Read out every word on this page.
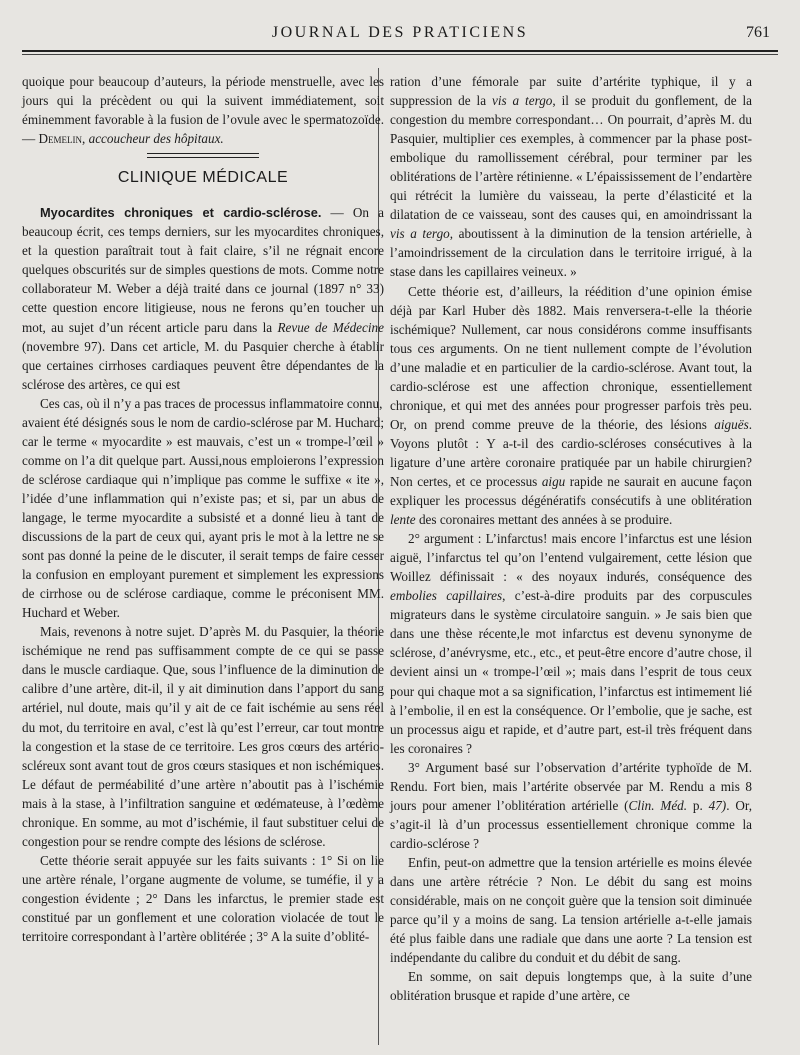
JOURNAL DES PRATICIENS	761

quoique pour beaucoup d’auteurs, la période menstruelle, avec les jours qui la précèdent ou qui la suivent immédiatement, soit éminemment favorable à la fusion de l’ovule avec le spermatozoïde. — Demelin, accoucheur des hôpitaux.

CLINIQUE MÉDICALE

Myocardites chroniques et cardio-sclérose. — On a beaucoup écrit, ces temps derniers, sur les myocardites chroniques, et la question paraîtrait tout à fait claire, s’il ne régnait encore quelques obscurités sur de simples questions de mots. Comme notre collaborateur M. Weber a déjà traité dans ce journal (1897 n° 33) cette question encore litigieuse, nous ne ferons qu’en toucher un mot, au sujet d’un récent article paru dans la Revue de Médecine (novembre 97). Dans cet article, M. du Pasquier cherche à établir que certaines cirrhoses cardiaques peuvent être dépendantes de la sclérose des artères, ce qui est

Ces cas, où il n’y a pas traces de processus inflammatoire connu,

avaient été désignés sous le nom de cardio-sclérose par M. Huchard; car le terme « myocardite » est mauvais, c’est un « trompe-l’œil » comme on l’a dit quelque part. Aussi,nous emploierons l’expression de sclérose cardiaque qui n’implique pas comme le suffixe « ite », l’idée d’une inflammation qui n’existe pas; et si, par un abus de langage, le terme myocardite a subsisté et a donné lieu à tant de discussions de la part de ceux qui, ayant pris le mot à la lettre ne se sont pas donné la peine de le discuter, il serait temps de faire cesser la confusion en employant purement et simplement les expressions de cirrhose ou de sclérose cardiaque, comme le préconisent MM. Huchard et Weber.

Mais, revenons à notre sujet. D’après M. du Pasquier, la théorie ischémique ne rend pas suffisamment compte de ce qui se passe dans le muscle cardiaque. Que, sous l’influence de la diminution de calibre d’une artère, dit-il, il y ait diminution dans l’apport du sang artériel, nul doute, mais qu’il y ait de ce fait ischémie au sens réel du mot, du territoire en aval, c’est là qu’est l’erreur, car tout montre la congestion et la stase de ce territoire. Les gros cœurs des artério-scléreux sont avant tout de gros cœurs stasiques et non ischémiques. Le défaut de perméabilité d’une artère n’aboutit pas à l’ischémie mais à la stase, à l’infiltration sanguine et œdémateuse, à l’œdème chronique. En somme, au mot d’ischémie, il faut substituer celui de congestion pour se rendre compte des lésions de sclérose.

Cette théorie serait appuyée sur les faits suivants : 1° Si on lie une artère rénale, l’organe augmente de volume, se tuméfie, il y a congestion évidente ; 2° Dans les infarctus, le premier stade est constitué par un gonflement et une coloration violacée de tout le territoire correspondant à l’artère oblitérée ; 3° A la suite d’oblité-

ration d’une fémorale par suite d’artérite typhique, il y a suppression de la vis a tergo, il se produit du gonflement, de la congestion du membre correspondant… On pourrait, d’après M. du Pasquier, multiplier ces exemples, à commencer par la phase post-embolique du ramollissement cérébral, pour terminer par les oblitérations de l’artère rétinienne. « L’épaississement de l’endartère qui rétrécit la lumière du vaisseau, la perte d’élasticité et la dilatation de ce vaisseau, sont des causes qui, en amoindrissant la vis a tergo, aboutissent à la diminution de la tension artérielle, à l’amoindrissement de la circulation dans le territoire irrigué, à la stase dans les capillaires veineux. »

Cette théorie est, d’ailleurs, la réédition d’une opinion émise déjà par Karl Huber dès 1882. Mais renversera-t-elle la théorie ischémique? Nullement, car nous considérons comme insuffisants tous ces arguments. On ne tient nullement compte de l’évolution d’une maladie et en particulier de la cardio-sclérose. Avant tout, la cardio-sclérose est une affection chronique, essentiellement chronique, et qui met des années pour progresser parfois très peu. Or, on prend comme preuve de la théorie, des lésions aiguës. Voyons plutôt : Y a-t-il des cardio-scléroses consécutives à la ligature d’une artère coronaire pratiquée par un habile chirurgien? Non certes, et ce processus aigu rapide ne saurait en aucune façon expliquer les processus dégénératifs consécutifs à une oblitération lente des coronaires mettant des années à se produire.

2° argument : L’infarctus! mais encore l’infarctus est une lésion aiguë, l’infarctus tel qu’on l’entend vulgairement, cette lésion que Woillez définissait : « des noyaux indurés, conséquence des embolies capillaires, c’est-à-dire produits par des corpuscules migrateurs dans le système circulatoire sanguin. » Je sais bien que dans une thèse récente,le mot infarctus est devenu synonyme de sclérose, d’anévrysme, etc., etc., et peut-être encore d’autre chose, il devient ainsi un « trompe-l’œil »; mais dans l’esprit de tous ceux pour qui chaque mot a sa signification, l’infarctus est intimement lié à l’embolie, il en est la conséquence. Or l’embolie, que je sache, est un processus aigu et rapide, et d’autre part, est-il très fréquent dans les coronaires ?

3° Argument basé sur l’observation d’artérite typhoïde de M. Rendu. Fort bien, mais l’artérite observée par M. Rendu a mis 8 jours pour amener l’oblitération artérielle (Clin. Méd. p. 47). Or, s’agit-il là d’un processus essentiellement chronique comme la cardio-sclérose ?

Enfin, peut-on admettre que la tension artérielle es moins élevée dans une artère rétrécie ? Non. Le débit du sang est moins considérable, mais on ne conçoit guère que la tension soit diminuée parce qu’il y a moins de sang. La tension artérielle a-t-elle jamais été plus faible dans une radiale que dans une aorte ? La tension est indépendante du calibre du conduit et du débit de sang.

En somme, on sait depuis longtemps que, à la suite d’une oblitération brusque et rapide d’une artère, ce
